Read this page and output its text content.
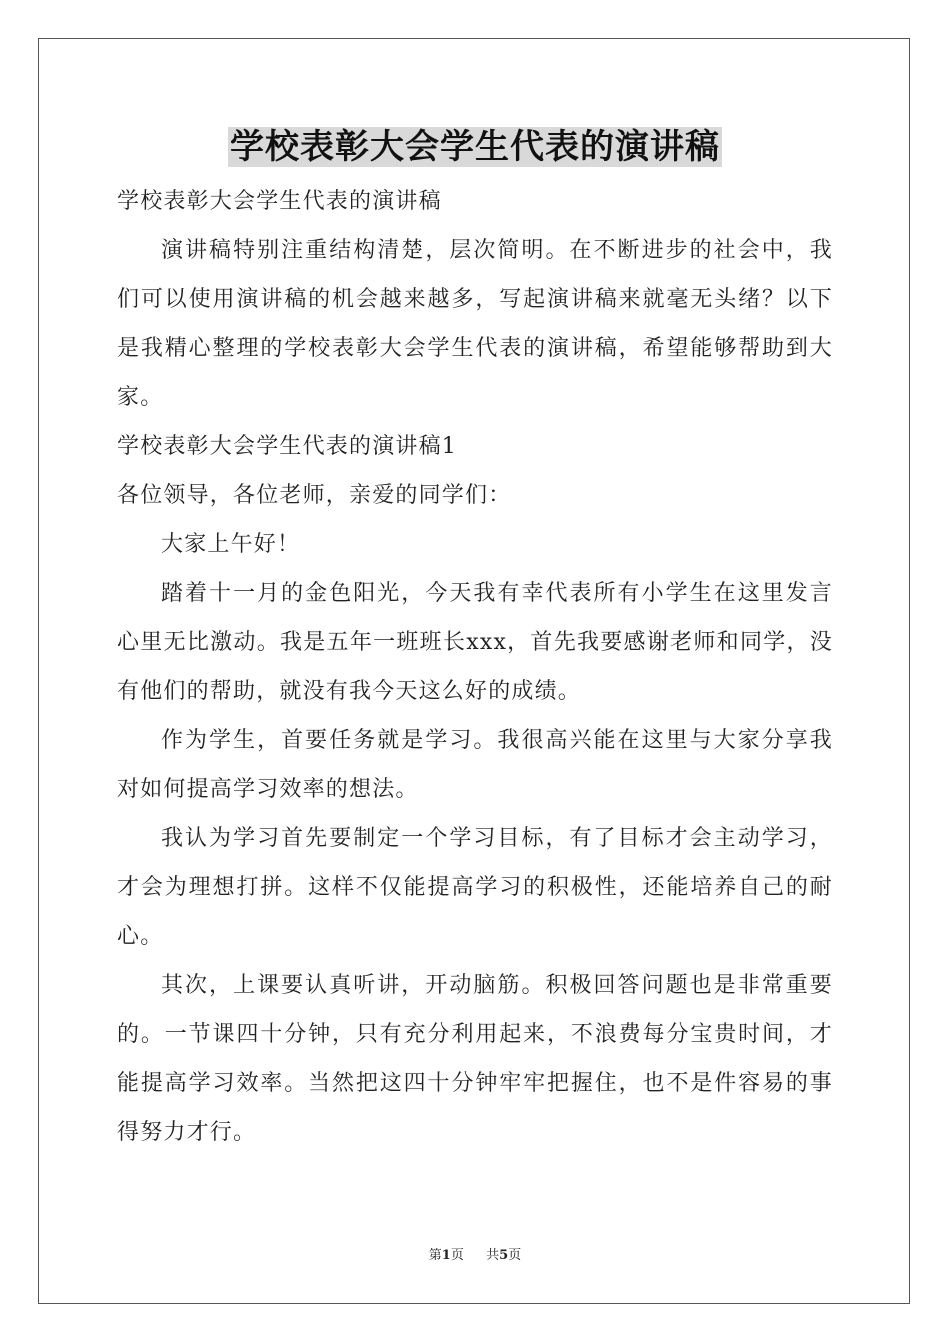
学校表彰大会学生代表的演讲稿

学校表彰大会学生代表的演讲稿

演讲稿特别注重结构清楚，层次简明。在不断进步的社会中，我们可以使用演讲稿的机会越来越多，写起演讲稿来就毫无头绪？以下是我精心整理的学校表彰大会学生代表的演讲稿，希望能够帮助到大家。

学校表彰大会学生代表的演讲稿1

各位领导，各位老师，亲爱的同学们：

大家上午好！

踏着十一月的金色阳光，今天我有幸代表所有小学生在这里发言心里无比激动。我是五年一班班长xxx，首先我要感谢老师和同学，没有他们的帮助，就没有我今天这么好的成绩。

作为学生，首要任务就是学习。我很高兴能在这里与大家分享我对如何提高学习效率的想法。

我认为学习首先要制定一个学习目标，有了目标才会主动学习，才会为理想打拼。这样不仅能提高学习的积极性，还能培养自己的耐心。

其次，上课要认真听讲，开动脑筋。积极回答问题也是非常重要的。一节课四十分钟，只有充分利用起来，不浪费每分宝贵时间，才能提高学习效率。当然把这四十分钟牢牢把握住，也不是件容易的事得努力才行。

第1页 共5页
